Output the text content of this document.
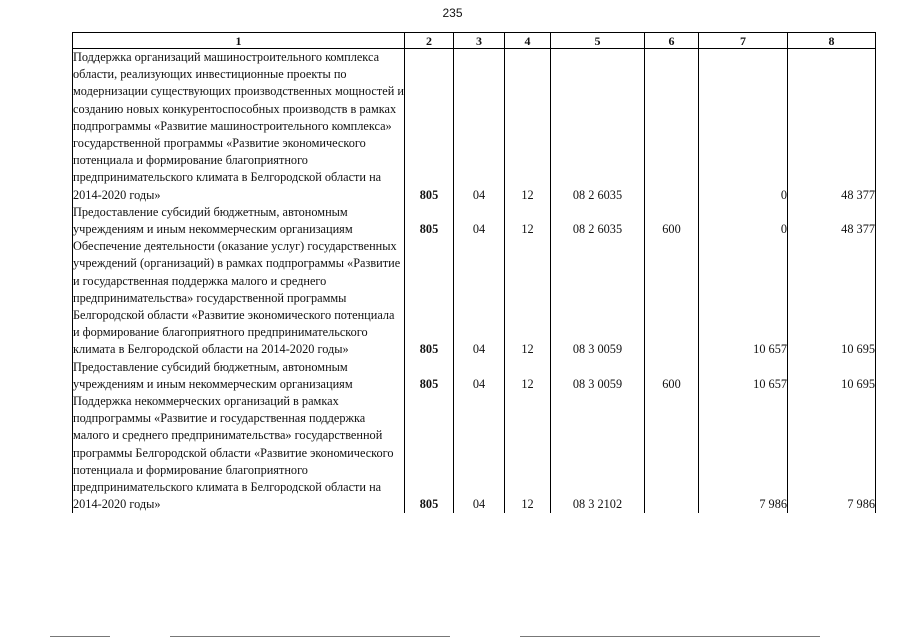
235
1	2	3	4	5	6	7	8

Поддержка организаций машиностроительного комплекса области, реализующих инвестиционные проекты по модернизации существующих производственных мощностей и созданию новых конкурентоспособных производств в рамках подпрограммы «Развитие машиностроительного комплекса» государственной программы «Развитие экономического потенциала и формирование благоприятного предпринимательского климата в Белгородской области на 2014-2020 годы»	805	04	12	08 2 6035		0	48 377

Предоставление субсидий бюджетным, автономным учреждениям и иным некоммерческим организациям	805	04	12	08 2 6035	600	0	48 377

Обеспечение деятельности (оказание услуг) государственных учреждений (организаций) в рамках подпрограммы «Развитие и государственная поддержка малого и среднего предпринимательства» государственной программы Белгородской области «Развитие экономического потенциала и формирование благоприятного предпринимательского климата в Белгородской области на 2014-2020 годы»	805	04	12	08 3 0059		10 657	10 695

Предоставление субсидий бюджетным, автономным учреждениям и иным некоммерческим организациям	805	04	12	08 3 0059	600	10 657	10 695

Поддержка некоммерческих организаций в рамках подпрограммы «Развитие и государственная поддержка малого и среднего предпринимательства» государственной программы Белгородской области «Развитие экономического потенциала и формирование благоприятного предпринимательского климата в Белгородской области на 2014-2020 годы»	805	04	12	08 3 2102		7 986	7 986
